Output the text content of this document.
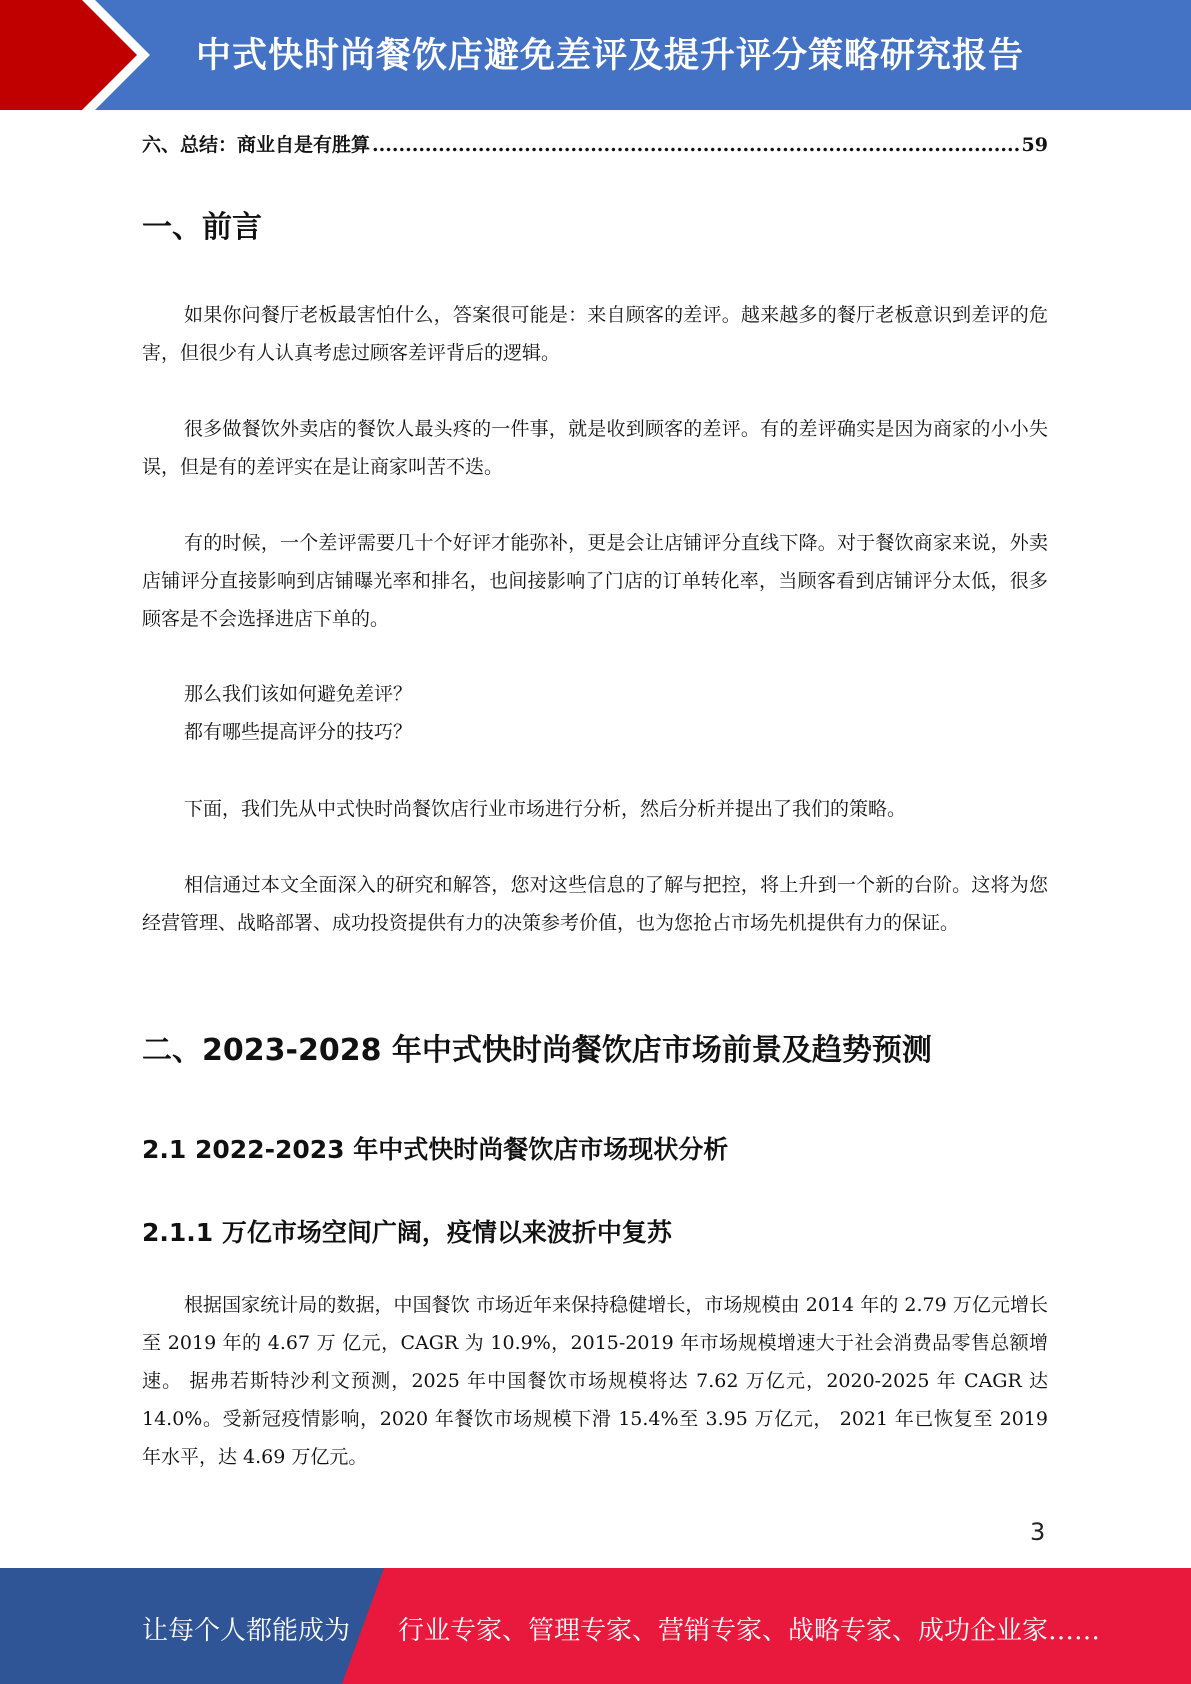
中式快时尚餐饮店避免差评及提升评分策略研究报告
六、总结：商业自是有胜算
.....	59
一、前言

如果你问餐厅老板最害怕什么，答案很可能是：来自顾客的差评。越来越多的餐厅老板意识到差评的危害，但很少有人认真考虑过顾客差评背后的逻辑。

很多做餐饮外卖店的餐饮人最头疼的一件事，就是收到顾客的差评。有的差评确实是因为商家的小小失误，但是有的差评实在是让商家叫苦不迭。

有的时候，一个差评需要几十个好评才能弥补，更是会让店铺评分直线下降。对于餐饮商家来说，外卖店铺评分直接影响到店铺曝光率和排名，也间接影响了门店的订单转化率，当顾客看到店铺评分太低，很多顾客是不会选择进店下单的。

那么我们该如何避免差评？
都有哪些提高评分的技巧？

下面，我们先从中式快时尚餐饮店行业市场进行分析，然后分析并提出了我们的策略。

相信通过本文全面深入的研究和解答，您对这些信息的了解与把控，将上升到一个新的台阶。这将为您经营管理、战略部署、成功投资提供有力的决策参考价值，也为您抢占市场先机提供有力的保证。

二、2023-2028 年中式快时尚餐饮店市场前景及趋势预测
2.1 2022-2023 年中式快时尚餐饮店市场现状分析
2.1.1 万亿市场空间广阔，疫情以来波折中复苏

根据国家统计局的数据，中国餐饮 市场近年来保持稳健增长，市场规模由 2014 年的 2.79 万亿元增长至 2019 年的 4.67 万 亿元，CAGR 为 10.9%，2015-2019 年市场规模增速大于社会消费品零售总额增速。 据弗若斯特沙利文预测，2025 年中国餐饮市场规模将达 7.62 万亿元，2020-2025 年 CAGR 达 14.0%。受新冠疫情影响，2020 年餐饮市场规模下滑 15.4%至 3.95 万亿元， 2021 年已恢复至 2019 年水平，达 4.69 万亿元。

3
让每个人都能成为 行业专家、管理专家、营销专家、战略专家、成功企业家……
